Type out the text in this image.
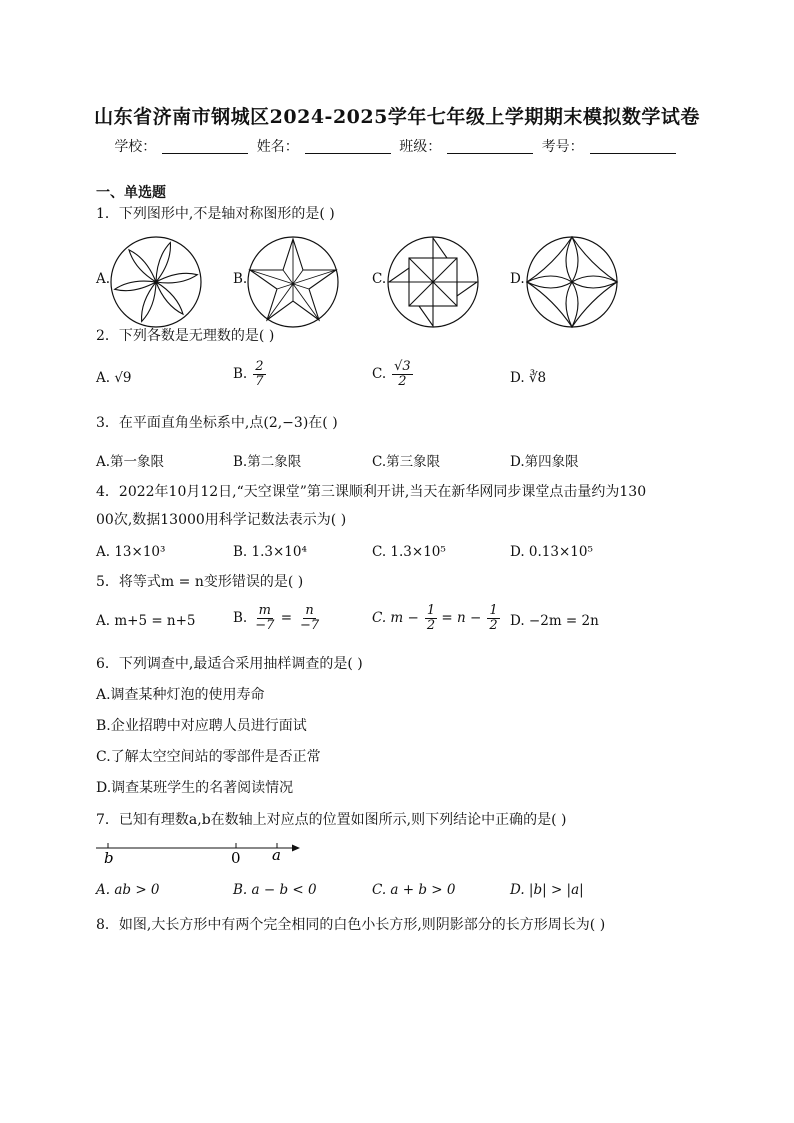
山东省济南市钢城区2024-2025学年七年级上学期期末模拟数学试卷
学校：	姓名：	班级：	考号：
一、单选题
1．下列图形中,不是轴对称图形的是( )
A.	B.	C.	D.
2．下列各数是无理数的是( )
A. √9	B. $\frac{2}{7}$	C. $\frac{√3}{2}$	D. ∛8
3．在平面直角坐标系中,点(2,−3)在( )
A.第一象限	B.第二象限	C.第三象限	D.第四象限
4．2022年10月12日,“天空课堂”第三课顺利开讲,当天在新华网同步课堂点击量约为130
00次,数据13000用科学记数法表示为( )
A. 13×10³	B. 1.3×10⁴	C. 1.3×10⁵	D. 0.13×10⁵
5．将等式m = n变形错误的是( )
A. m+5 = n+5	B. $\frac{m}{-7} = \frac{n}{-7}$	C. $m - \frac{1}{2} = n - \frac{1}{2} D$. −2m = 2n
6．下列调查中,最适合采用抽样调查的是( )
A.调查某种灯泡的使用寿命
B.企业招聘中对应聘人员进行面试
C.了解太空空间站的零部件是否正常
D.调查某班学生的名著阅读情况
7．已知有理数a,b在数轴上对应点的位置如图所示,则下列结论中正确的是( )
b	0 a
A. ab > 0	B. a − b < 0	C. a + b > 0	D. |b| > |a|
8．如图,大长方形中有两个完全相同的白色小长方形,则阴影部分的长方形周长为( )
